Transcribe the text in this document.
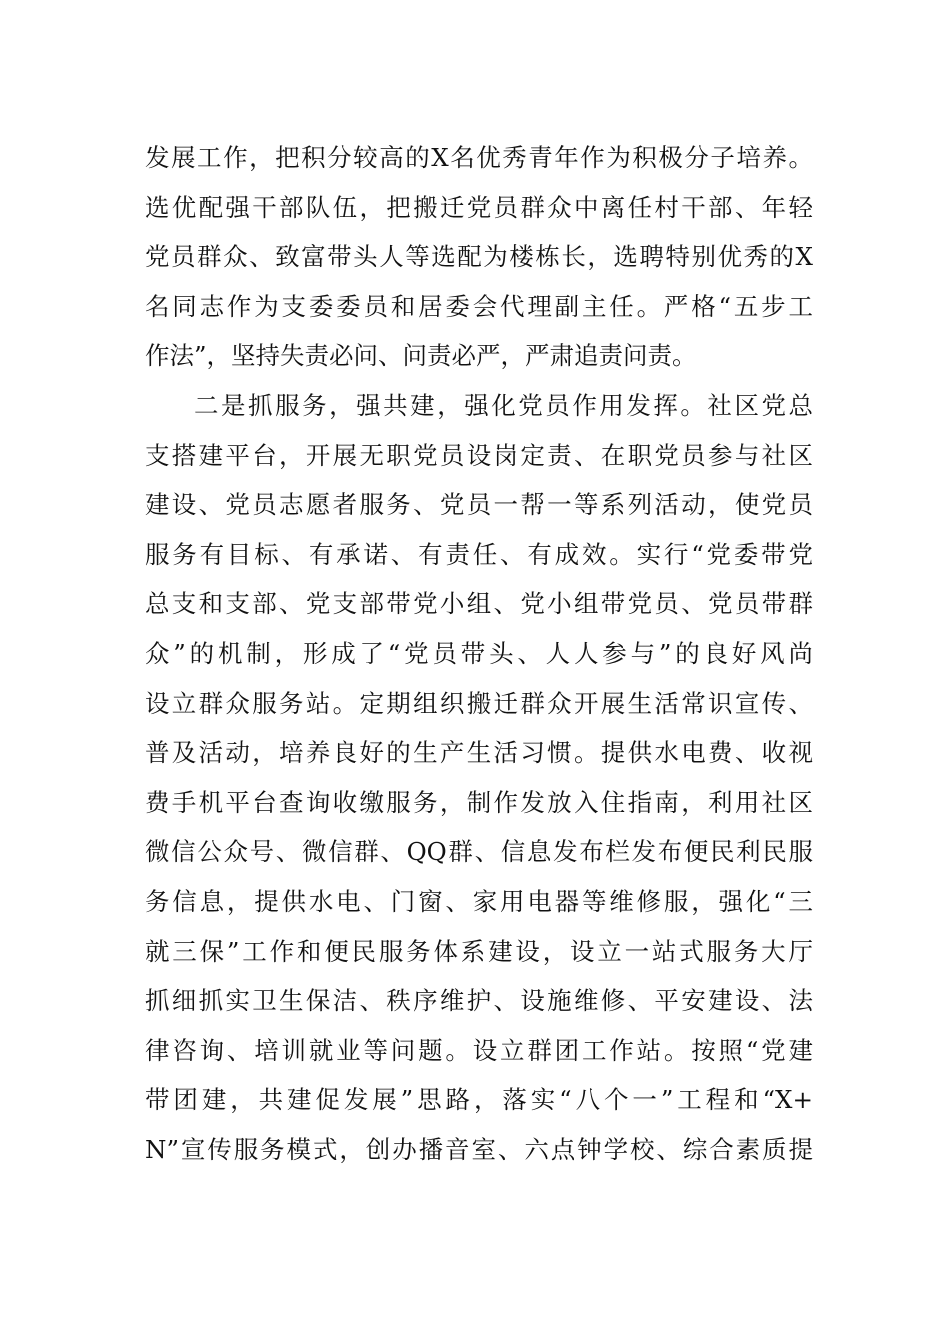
发展工作，把积分较高的X名优秀青年作为积极分子培养。
选优配强干部队伍，把搬迁党员群众中离任村干部、年轻
党员群众、致富带头人等选配为楼栋长，选聘特别优秀的X
名同志作为支委委员和居委会代理副主任。严格“五步工
作法”，坚持失责必问、问责必严，严肃追责问责。
二是抓服务，强共建，强化党员作用发挥。社区党总
支搭建平台，开展无职党员设岗定责、在职党员参与社区
建设、党员志愿者服务、党员一帮一等系列活动，使党员
服务有目标、有承诺、有责任、有成效。实行“党委带党
总支和支部、党支部带党小组、党小组带党员、党员带群
众”的机制，形成了“党员带头、人人参与”的良好风尚
设立群众服务站。定期组织搬迁群众开展生活常识宣传、
普及活动，培养良好的生产生活习惯。提供水电费、收视
费手机平台查询收缴服务，制作发放入住指南，利用社区
微信公众号、微信群、QQ群、信息发布栏发布便民利民服
务信息，提供水电、门窗、家用电器等维修服，强化“三
就三保”工作和便民服务体系建设，设立一站式服务大厅
抓细抓实卫生保洁、秩序维护、设施维修、平安建设、法
律咨询、培训就业等问题。设立群团工作站。按照“党建
带团建，共建促发展”思路，落实“八个一”工程和“X+
N”宣传服务模式，创办播音室、六点钟学校、综合素质提
